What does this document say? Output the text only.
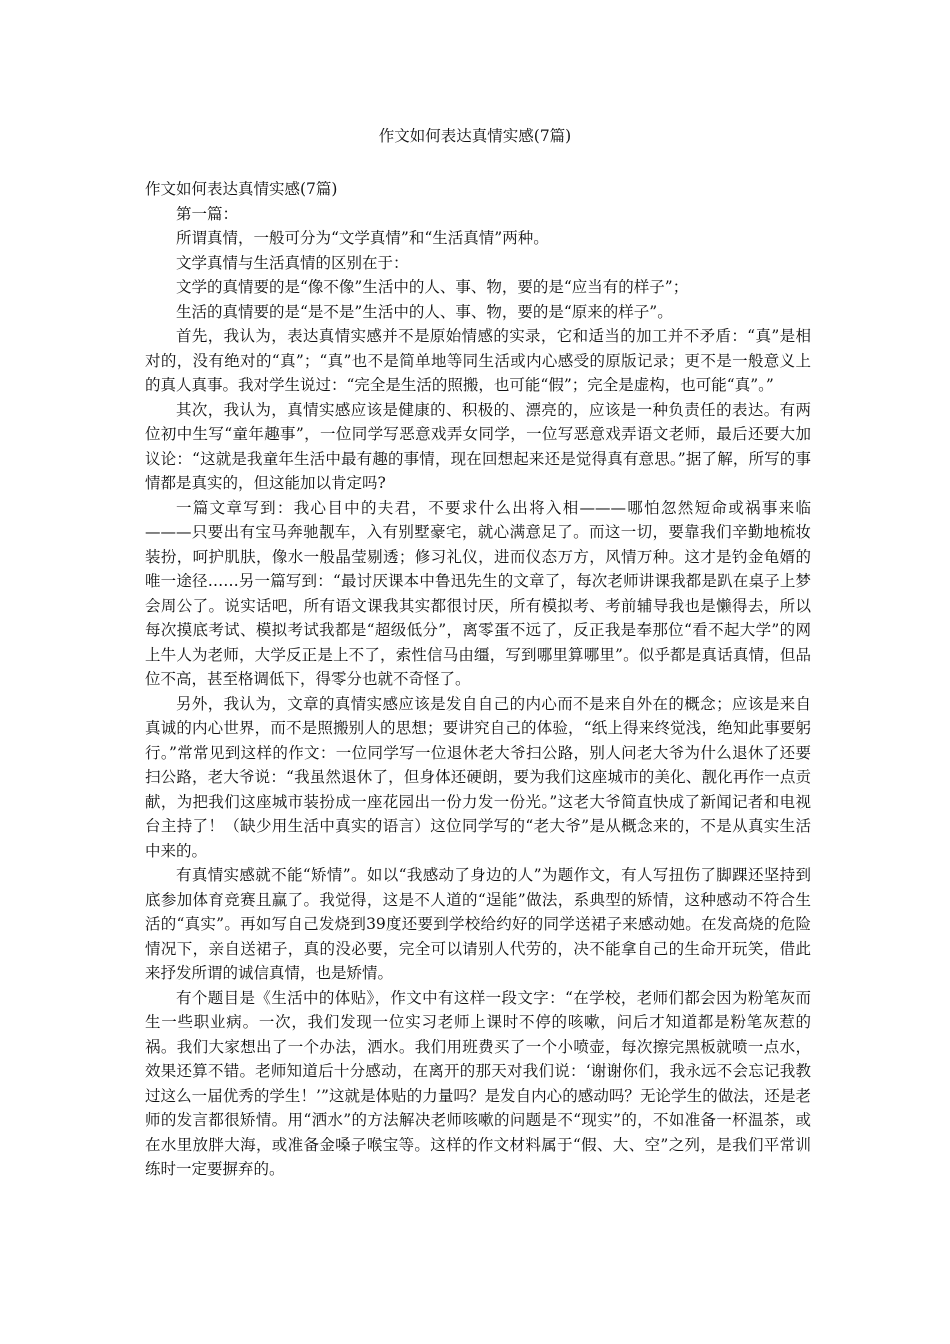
作文如何表达真情实感(7篇)
作文如何表达真情实感(7篇)

第一篇：

所谓真情，一般可分为“文学真情”和“生活真情”两种。

文学真情与生活真情的区别在于：

文学的真情要的是“像不像”生活中的人、事、物，要的是“应当有的样子”；

生活的真情要的是“是不是”生活中的人、事、物，要的是“原来的样子”。

首先，我认为，表达真情实感并不是原始情感的实录，它和适当的加工并不矛盾：“真”是相对的，没有绝对的“真”；“真”也不是简单地等同生活或内心感受的原版记录；更不是一般意义上的真人真事。我对学生说过：“完全是生活的照搬，也可能“假”；完全是虚构，也可能“真”。”

其次，我认为，真情实感应该是健康的、积极的、漂亮的，应该是一种负责任的表达。有两位初中生写“童年趣事”，一位同学写恶意戏弄女同学，一位写恶意戏弄语文老师，最后还要大加议论：“这就是我童年生活中最有趣的事情，现在回想起来还是觉得真有意思。”据了解，所写的事情都是真实的，但这能加以肯定吗?

一篇文章写到：我心目中的夫君，不要求什么出将入相———哪怕忽然短命或祸事来临———只要出有宝马奔驰靓车，入有别墅豪宅，就心满意足了。而这一切，要靠我们辛勤地梳妆装扮，呵护肌肤，像水一般晶莹剔透；修习礼仪，进而仪态万方，风情万种。这才是钓金龟婿的唯一途径……另一篇写到：“最讨厌课本中鲁迅先生的文章了，每次老师讲课我都是趴在桌子上梦会周公了。说实话吧，所有语文课我其实都很讨厌，所有模拟考、考前辅导我也是懒得去，所以每次摸底考试、模拟考试我都是“超级低分”，离零蛋不远了，反正我是奉那位“看不起大学”的网上牛人为老师，大学反正是上不了，索性信马由缰，写到哪里算哪里”。似乎都是真话真情，但品位不高，甚至格调低下，得零分也就不奇怪了。

另外，我认为，文章的真情实感应该是发自自己的内心而不是来自外在的概念；应该是来自真诚的内心世界，而不是照搬别人的思想；要讲究自己的体验，“纸上得来终觉浅，绝知此事要躬行。”常常见到这样的作文：一位同学写一位退休老大爷扫公路，别人问老大爷为什么退休了还要扫公路，老大爷说：“我虽然退休了，但身体还硬朗，要为我们这座城市的美化、靓化再作一点贡献，为把我们这座城市装扮成一座花园出一份力发一份光。”这老大爷简直快成了新闻记者和电视台主持了！（缺少用生活中真实的语言）这位同学写的“老大爷”是从概念来的，不是从真实生活中来的。

有真情实感就不能“矫情”。如以“我感动了身边的人”为题作文，有人写扭伤了脚踝还坚持到底参加体育竞赛且赢了。我觉得，这是不人道的“逞能”做法，系典型的矫情，这种感动不符合生活的“真实”。再如写自己发烧到39度还要到学校给约好的同学送裙子来感动她。在发高烧的危险情况下，亲自送裙子，真的没必要，完全可以请别人代劳的，决不能拿自己的生命开玩笑，借此来抒发所谓的诚信真情，也是矫情。

有个题目是《生活中的体贴》，作文中有这样一段文字：“在学校，老师们都会因为粉笔灰而生一些职业病。一次，我们发现一位实习老师上课时不停的咳嗽，问后才知道都是粉笔灰惹的祸。我们大家想出了一个办法，洒水。我们用班费买了一个小喷壶，每次擦完黑板就喷一点水，效果还算不错。老师知道后十分感动，在离开的那天对我们说：‘谢谢你们，我永远不会忘记我教过这么一届优秀的学生！’”这就是体贴的力量吗？是发自内心的感动吗？无论学生的做法，还是老师的发言都很矫情。用“洒水”的方法解决老师咳嗽的问题是不“现实”的，不如准备一杯温茶，或在水里放胖大海，或准备金嗓子喉宝等。这样的作文材料属于“假、大、空”之列，是我们平常训练时一定要摒弃的。
